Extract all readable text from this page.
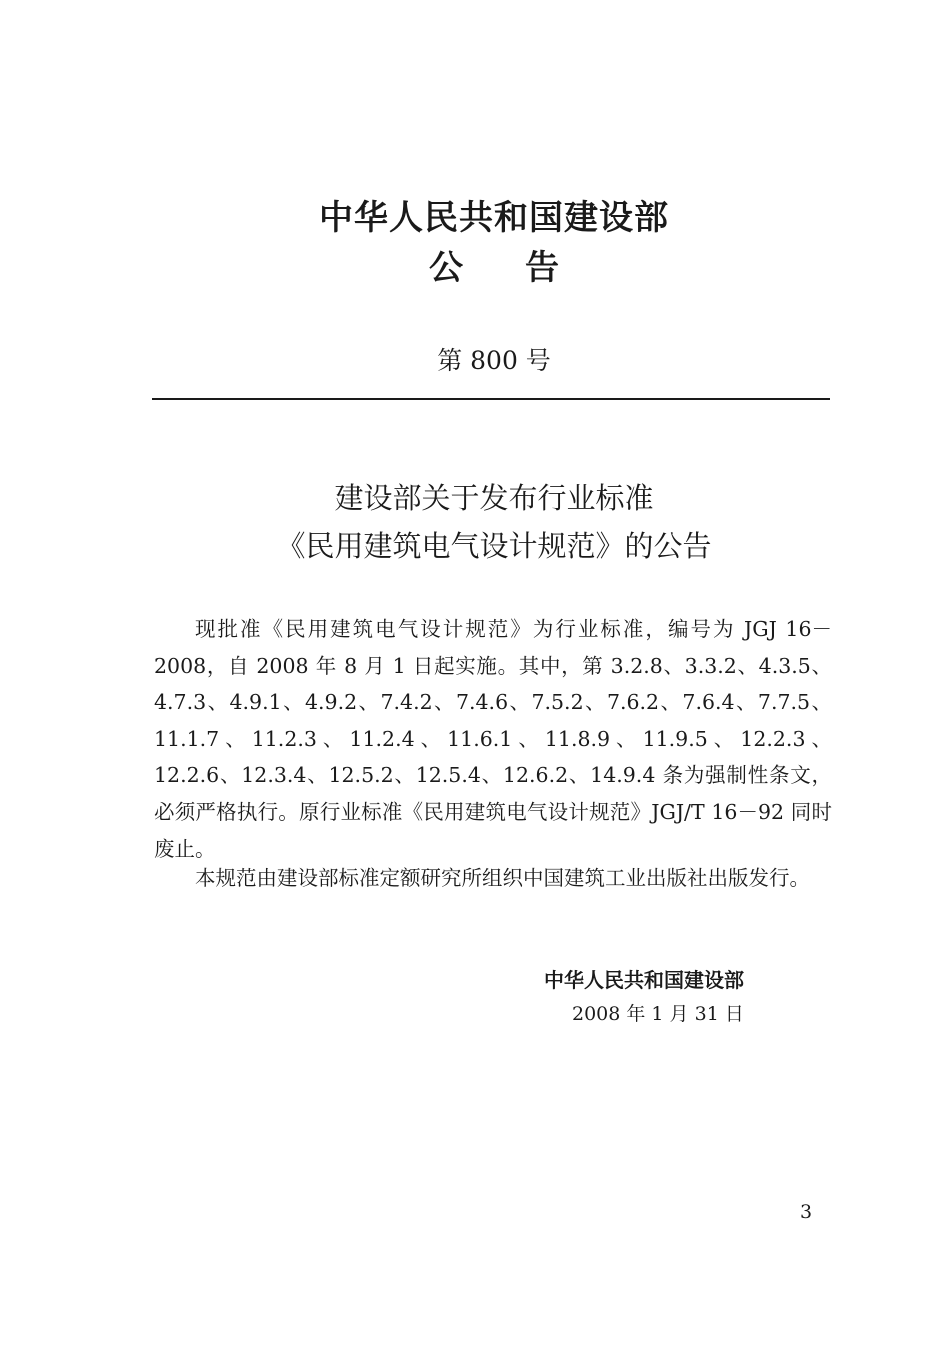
中华人民共和国建设部
公告
第 800 号
建设部关于发布行业标准
《民用建筑电气设计规范》的公告

现批准《民用建筑电气设计规范》为行业标准，编号为 JGJ 16－2008，自 2008 年 8 月 1 日起实施。其中，第 3.2.8、3.3.2、4.3.5、4.7.3、4.9.1、4.9.2、7.4.2、7.4.6、7.5.2、7.6.2、7.6.4、7.7.5、11.1.7、11.2.3、11.2.4、11.6.1、11.8.9、11.9.5、12.2.3、12.2.6、12.3.4、12.5.2、12.5.4、12.6.2、14.9.4 条为强制性条文，必须严格执行。原行业标准《民用建筑电气设计规范》JGJ/T 16－92 同时废止。

本规范由建设部标准定额研究所组织中国建筑工业出版社出版发行。

中华人民共和国建设部
2008 年 1 月 31 日
3
